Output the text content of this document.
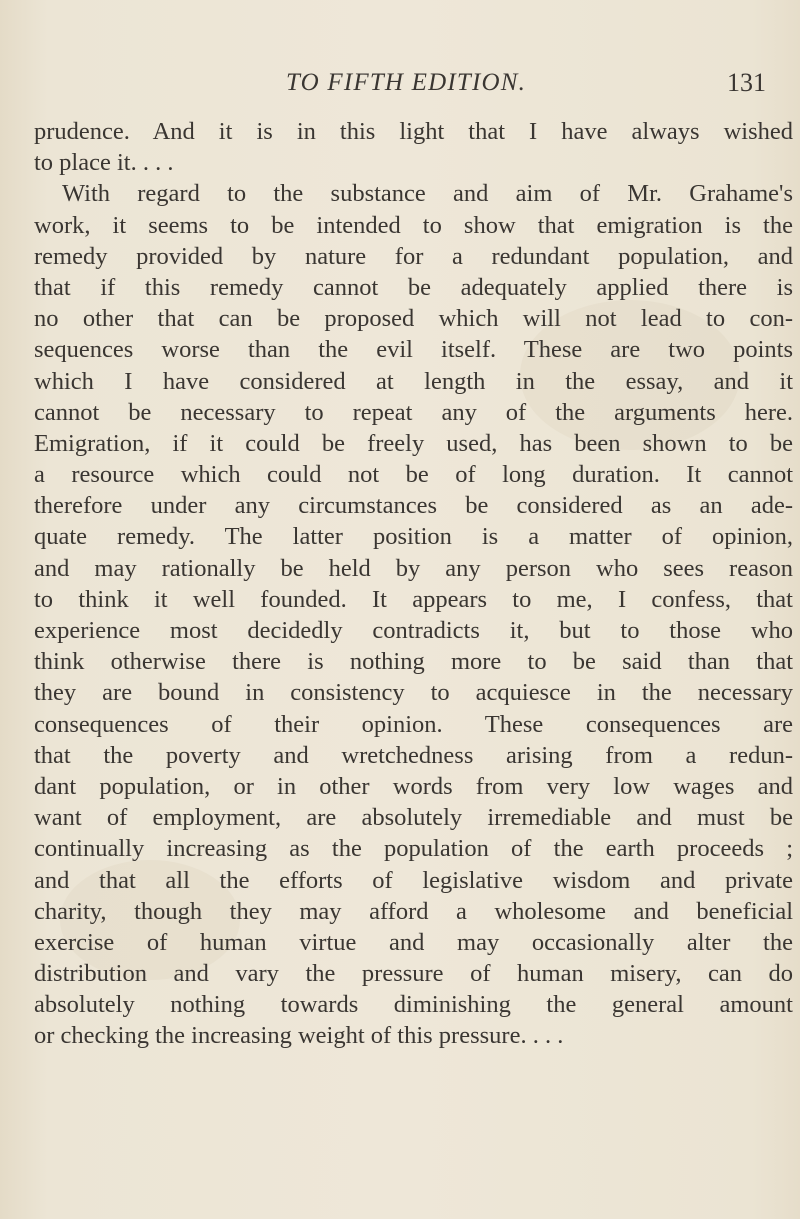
TO FIFTH EDITION.	131
prudence. And it is in this light that I have always wished
to place it. . . .
With regard to the substance and aim of Mr. Grahame's
work, it seems to be intended to show that emigration is the
remedy provided by nature for a redundant population, and
that if this remedy cannot be adequately applied there is
no other that can be proposed which will not lead to con-
sequences worse than the evil itself. These are two points
which I have considered at length in the essay, and it
cannot be necessary to repeat any of the arguments here.
Emigration, if it could be freely used, has been shown to be
a resource which could not be of long duration. It cannot
therefore under any circumstances be considered as an ade-
quate remedy. The latter position is a matter of opinion,
and may rationally be held by any person who sees reason
to think it well founded. It appears to me, I confess, that
experience most decidedly contradicts it, but to those who
think otherwise there is nothing more to be said than that
they are bound in consistency to acquiesce in the necessary
consequences of their opinion. These consequences are
that the poverty and wretchedness arising from a redun-
dant population, or in other words from very low wages and
want of employment, are absolutely irremediable and must be
continually increasing as the population of the earth proceeds ;
and that all the efforts of legislative wisdom and private
charity, though they may afford a wholesome and beneficial
exercise of human virtue and may occasionally alter the
distribution and vary the pressure of human misery, can do
absolutely nothing towards diminishing the general amount
or checking the increasing weight of this pressure. . . .
